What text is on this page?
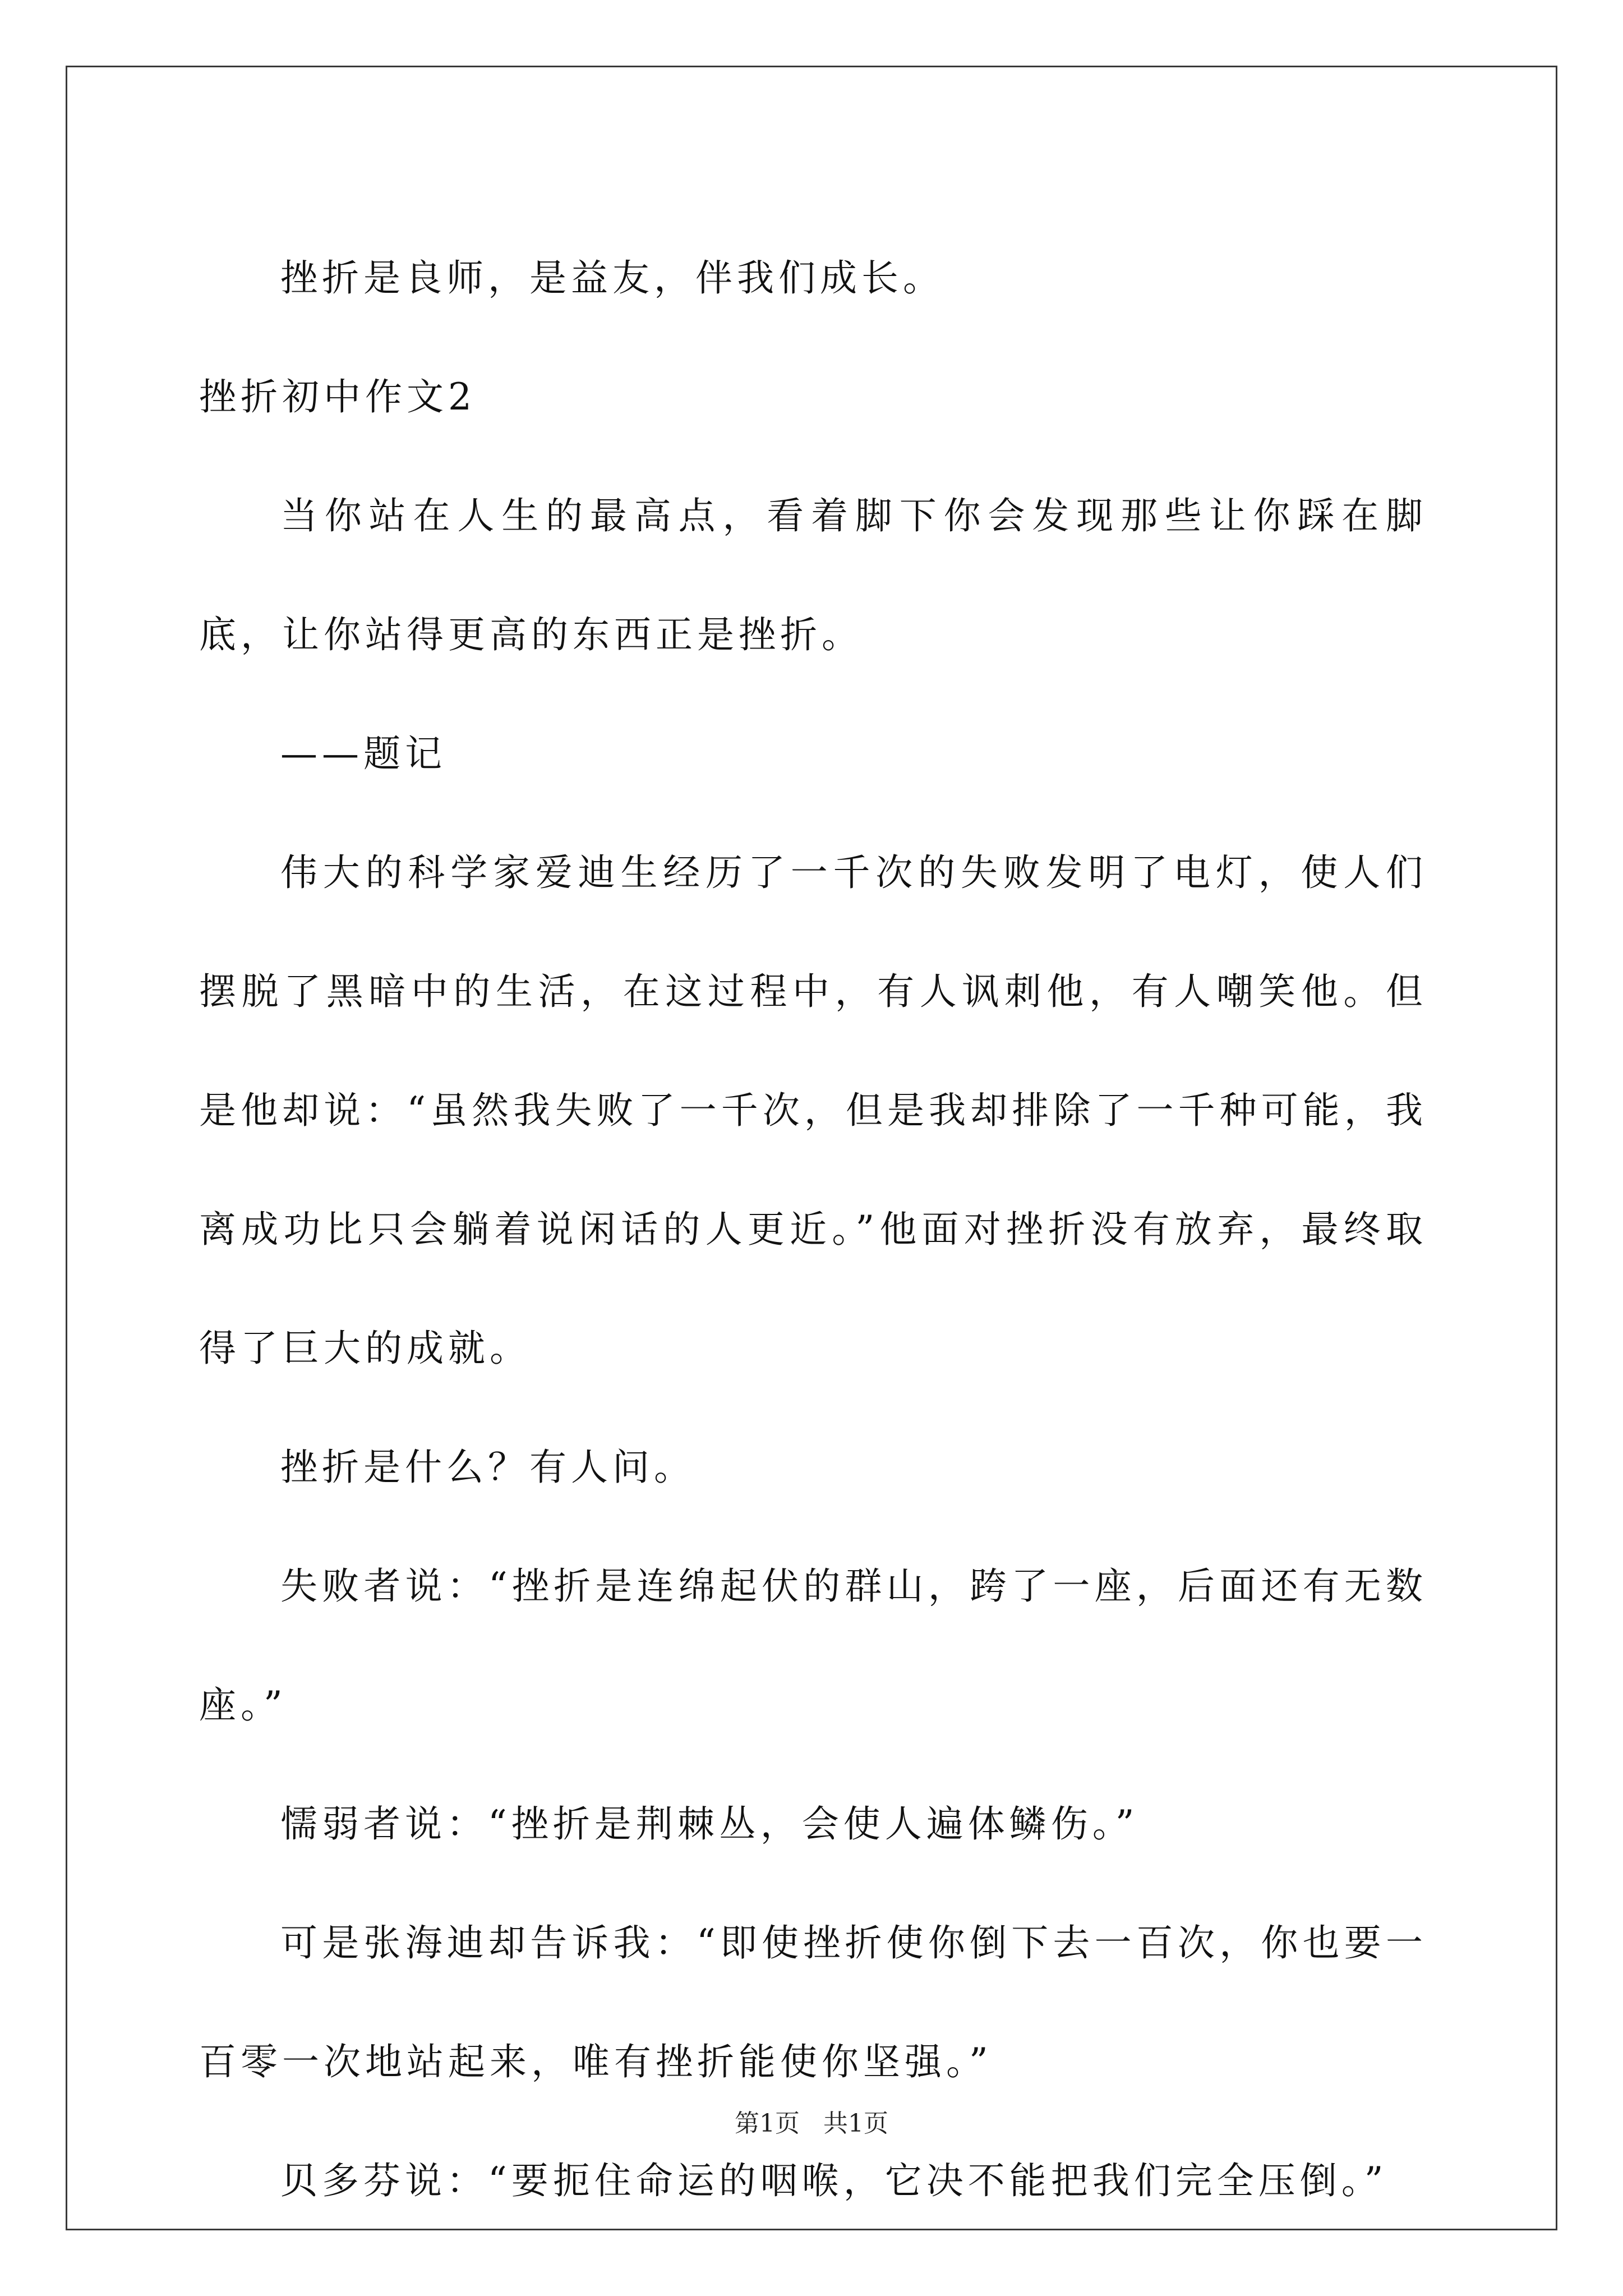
挫折是良师，是益友，伴我们成长。

挫折初中作文2

当你站在人生的最高点，看着脚下你会发现那些让你踩在脚底，让你站得更高的东西正是挫折。

——题记

伟大的科学家爱迪生经历了一千次的失败发明了电灯，使人们摆脱了黑暗中的生活，在这过程中，有人讽刺他，有人嘲笑他。但是他却说：“虽然我失败了一千次，但是我却排除了一千种可能，我离成功比只会躺着说闲话的人更近。”他面对挫折没有放弃，最终取得了巨大的成就。

挫折是什么？有人问。

失败者说：“挫折是连绵起伏的群山，跨了一座，后面还有无数座。”

懦弱者说：“挫折是荆棘丛，会使人遍体鳞伤。”

可是张海迪却告诉我：“即使挫折使你倒下去一百次，你也要一百零一次地站起来，唯有挫折能使你坚强。”

贝多芬说：“要扼住命运的咽喉，它决不能把我们完全压倒。”

第1页 共1页
